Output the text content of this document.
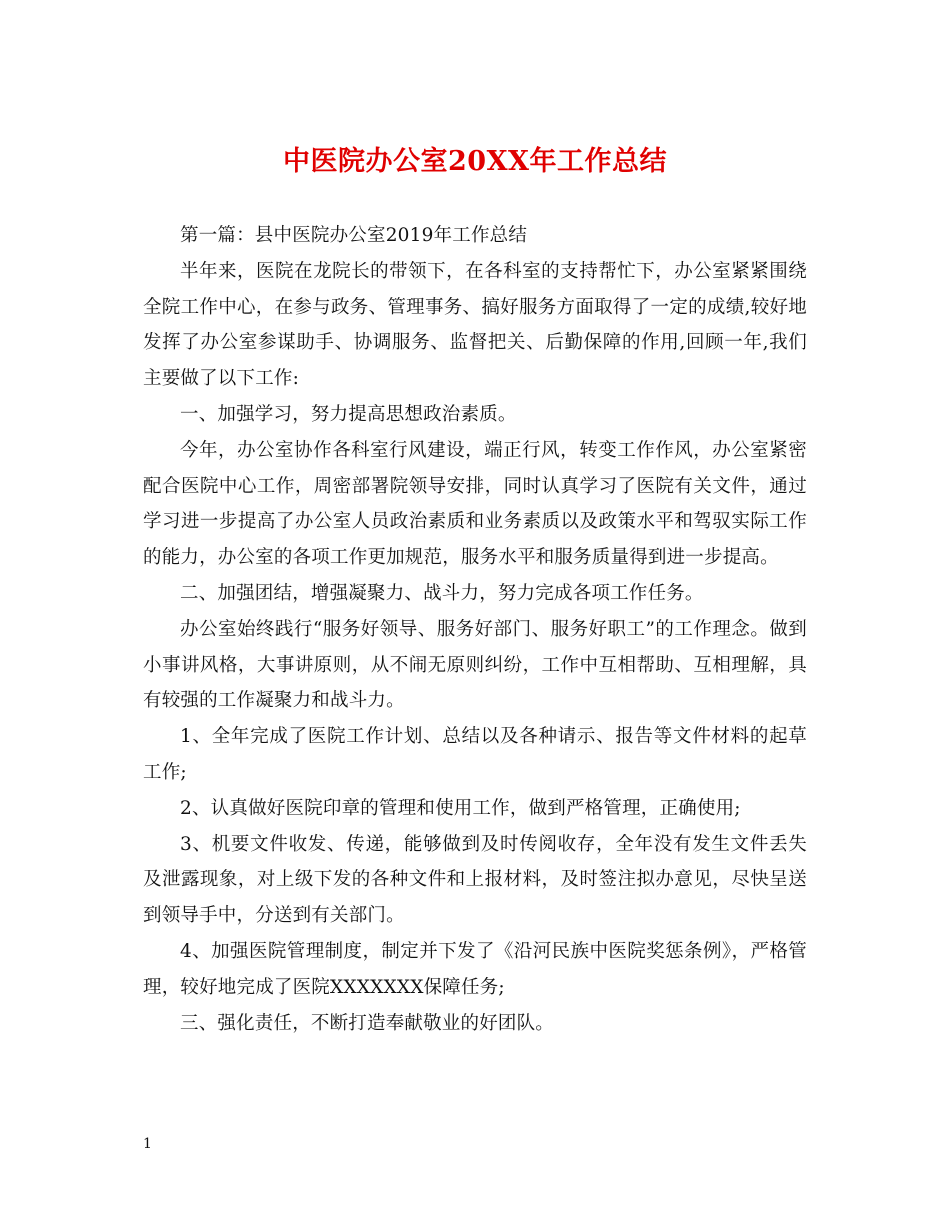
中医院办公室20XX年工作总结

第一篇：县中医院办公室2019年工作总结

半年来，医院在龙院长的带领下，在各科室的支持帮忙下，办公室紧紧围绕全院工作中心，在参与政务、管理事务、搞好服务方面取得了一定的成绩,较好地发挥了办公室参谋助手、协调服务、监督把关、后勤保障的作用,回顾一年,我们主要做了以下工作:

一、加强学习，努力提高思想政治素质。

今年，办公室协作各科室行风建设，端正行风，转变工作作风，办公室紧密配合医院中心工作，周密部署院领导安排，同时认真学习了医院有关文件，通过学习进一步提高了办公室人员政治素质和业务素质以及政策水平和驾驭实际工作的能力，办公室的各项工作更加规范，服务水平和服务质量得到进一步提高。

二、加强团结，增强凝聚力、战斗力，努力完成各项工作任务。

办公室始终践行“服务好领导、服务好部门、服务好职工”的工作理念。做到小事讲风格，大事讲原则，从不闹无原则纠纷，工作中互相帮助、互相理解，具有较强的工作凝聚力和战斗力。

1、全年完成了医院工作计划、总结以及各种请示、报告等文件材料的起草工作;

2、认真做好医院印章的管理和使用工作，做到严格管理，正确使用;

3、机要文件收发、传递，能够做到及时传阅收存，全年没有发生文件丢失及泄露现象，对上级下发的各种文件和上报材料，及时签注拟办意见，尽快呈送到领导手中，分送到有关部门。

4、加强医院管理制度，制定并下发了《沿河民族中医院奖惩条例》，严格管理，较好地完成了医院XXXXXXX保障任务;

三、强化责任，不断打造奉献敬业的好团队。

1
